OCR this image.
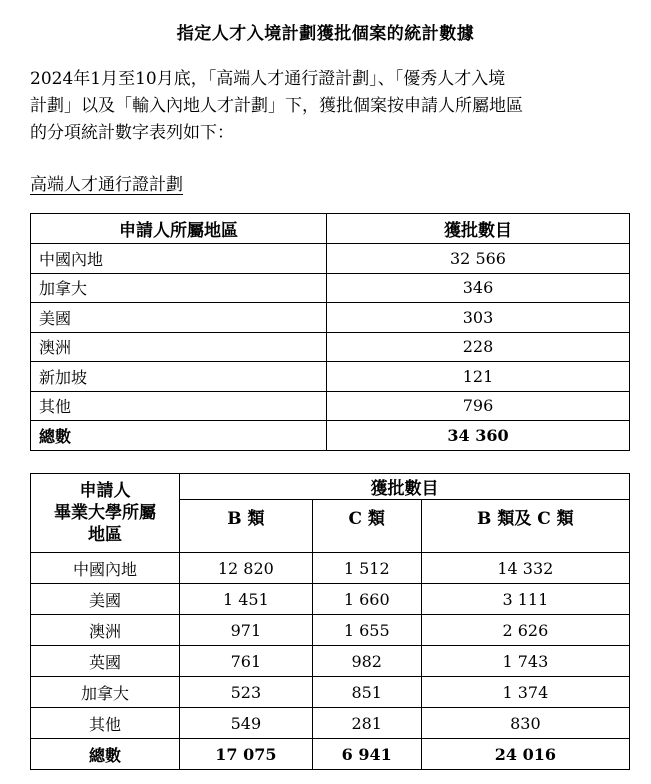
指定人才入境計劃獲批個案的統計數據
2024年1月至10月底，「高端人才通行證計劃」、「優秀人才入境
計劃」以及「輸入內地人才計劃」下，獲批個案按申請人所屬地區
的分項統計數字表列如下：
高端人才通行證計劃
申請人所屬地區	獲批數目
中國內地	32 566
加拿大	346
美國	303
澳洲	228
新加坡	121
其他	796
總數	34 360
申請人
畢業大學所屬
地區	獲批數目		
	B 類	C 類	B 類及 C 類
中國內地	12 820	1 512	14 332
美國	1 451	1 660	3 111
澳洲	971	1 655	2 626
英國	761	982	1 743
加拿大	523	851	1 374
其他	549	281	830
總數	17 075	6 941	24 016
